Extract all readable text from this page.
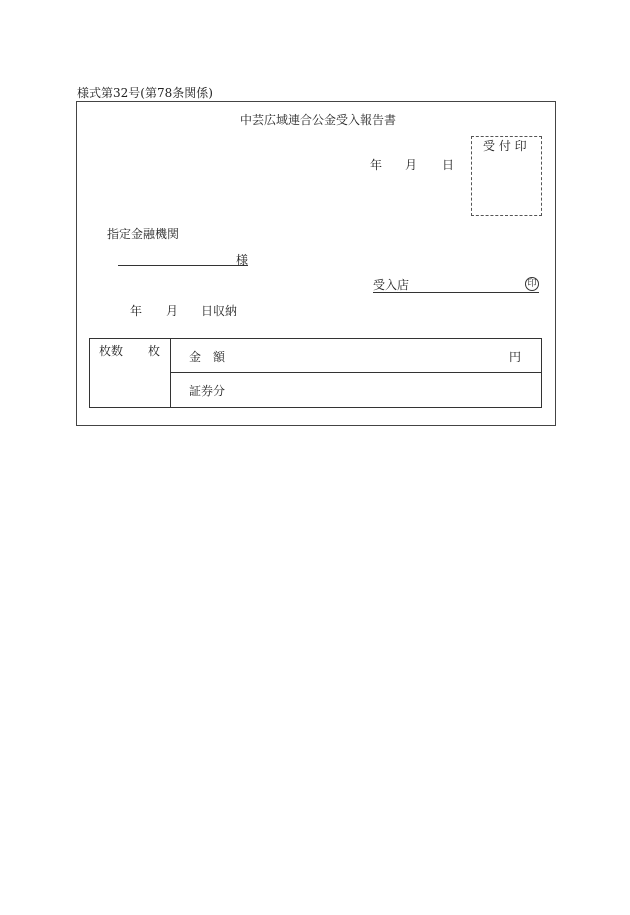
様式第32号(第78条関係)
中芸広域連合公金受入報告書
年 月 日
受 付 印
指定金融機関
様
受入店	印
年 月 日収納
枚数 枚 金　額	円
証券分
